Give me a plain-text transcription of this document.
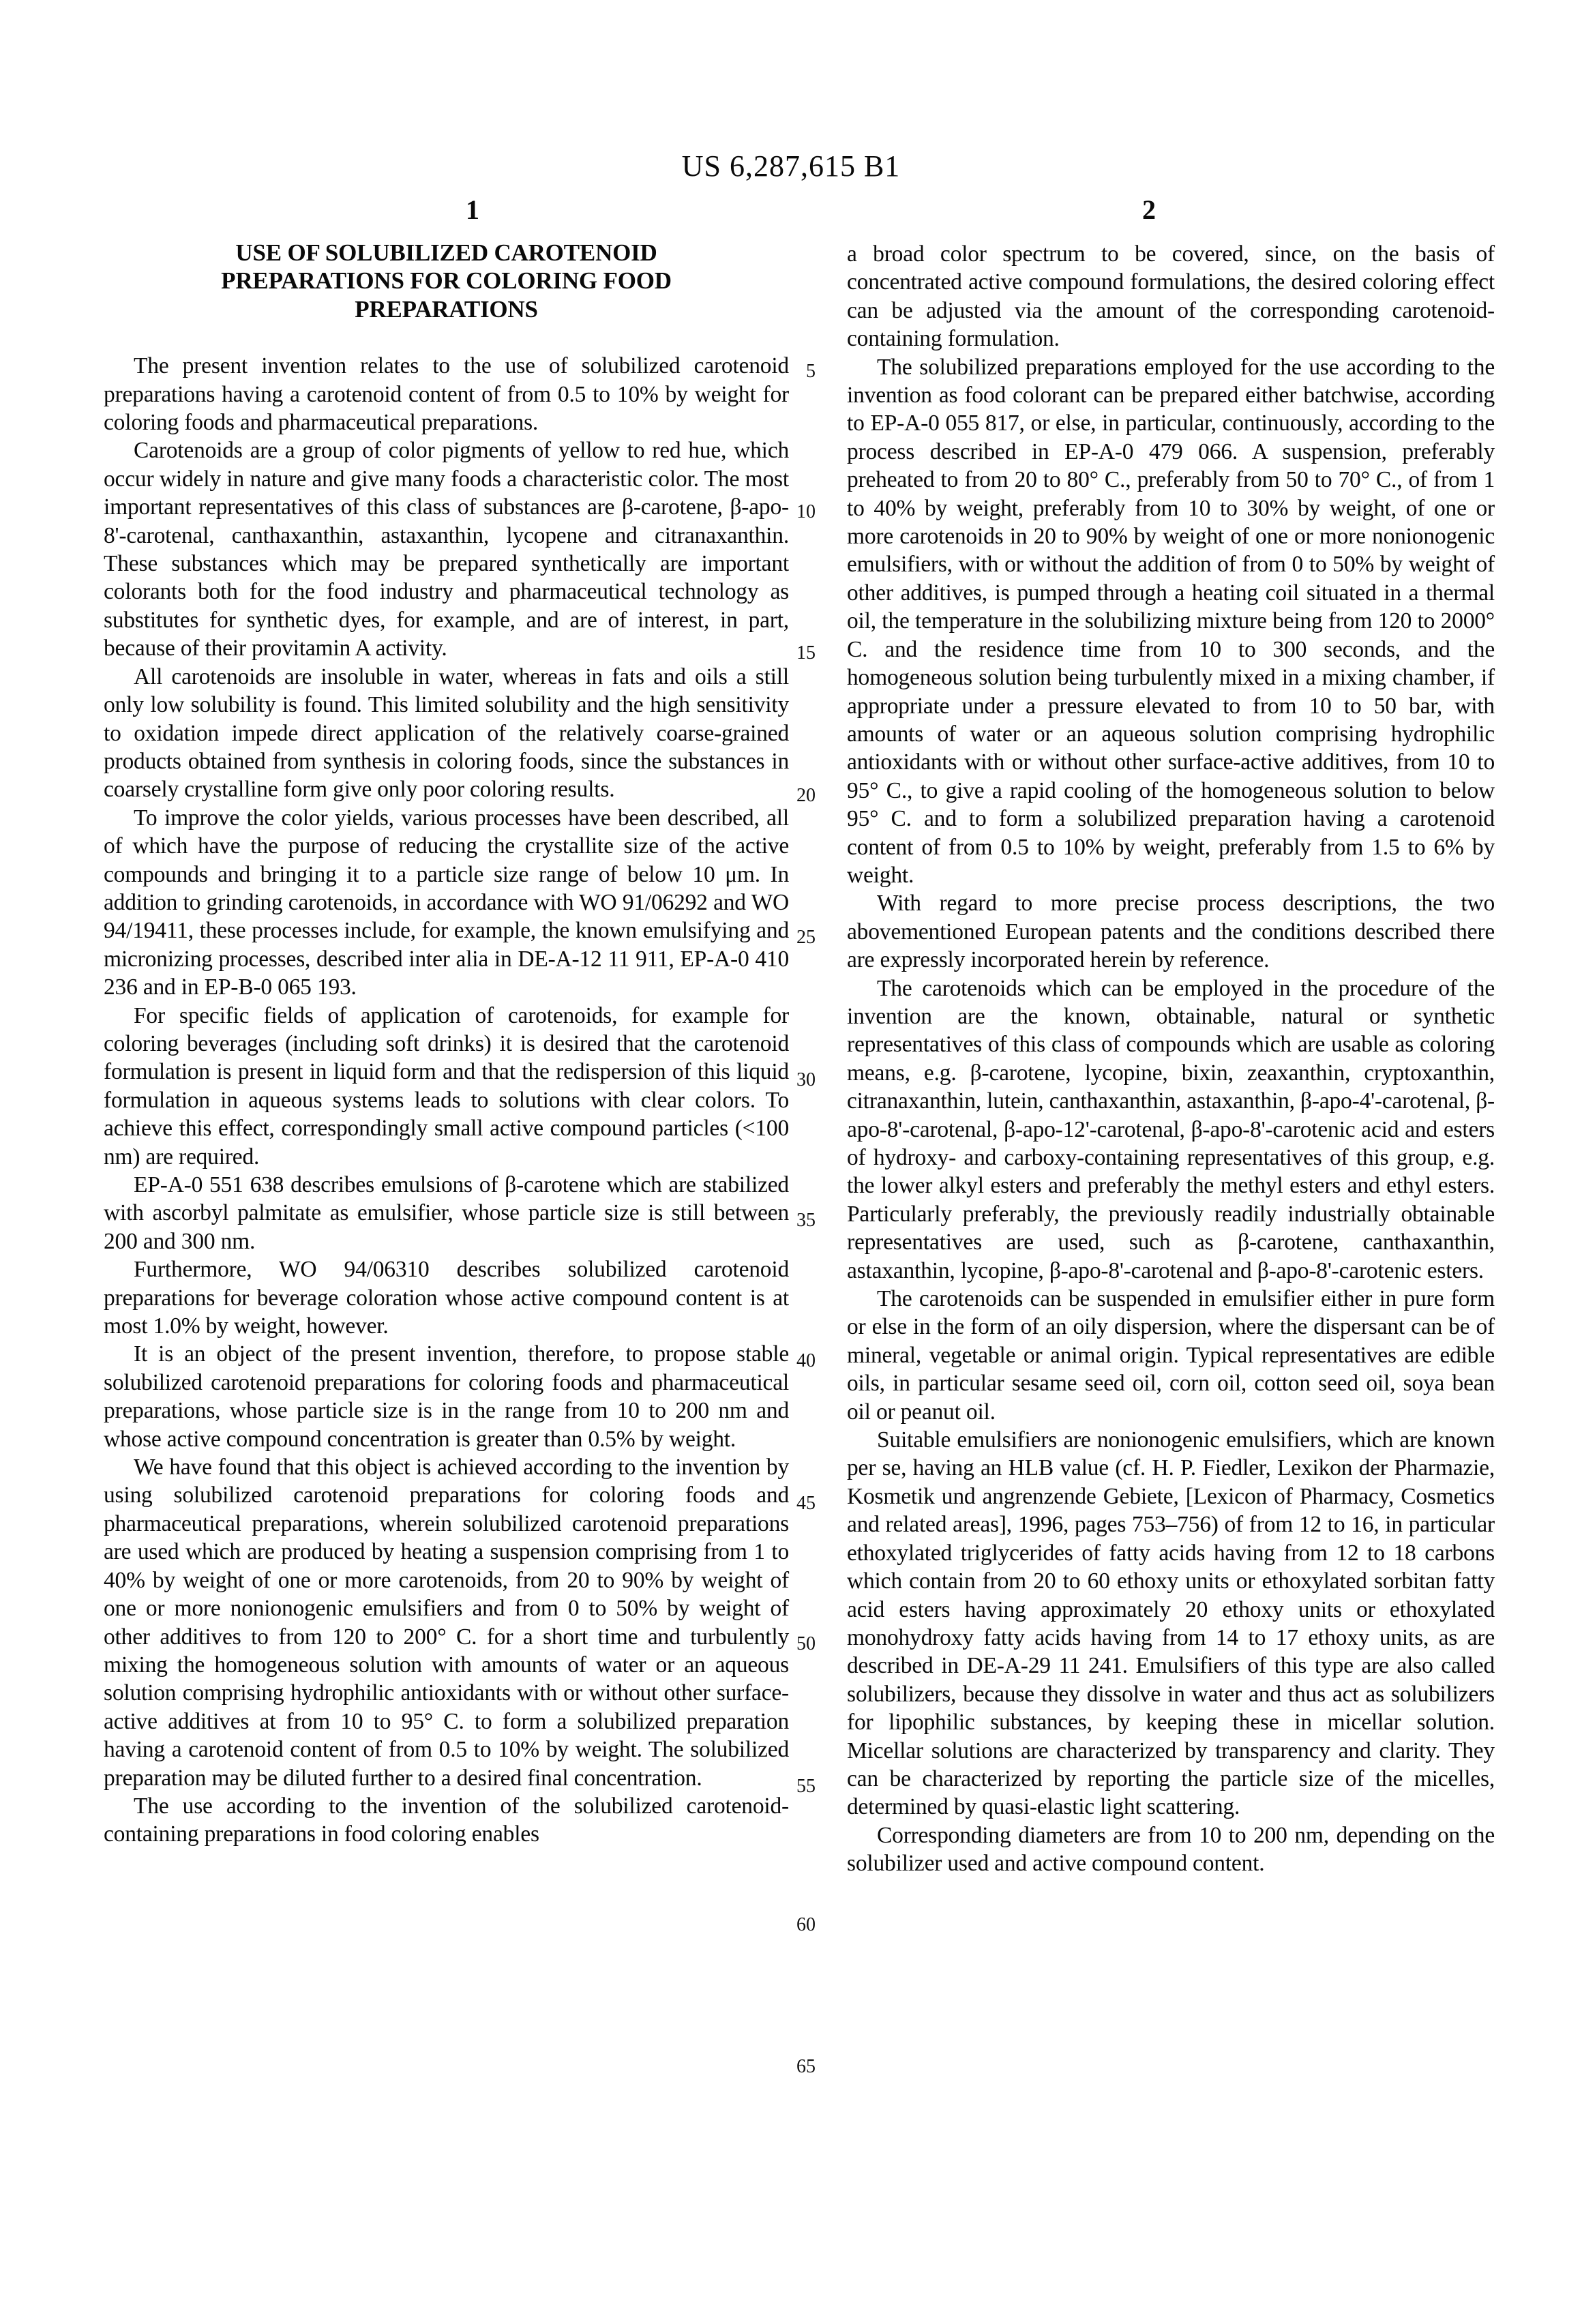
US 6,287,615 B1
1	2
USE OF SOLUBILIZED CAROTENOID PREPARATIONS FOR COLORING FOOD PREPARATIONS

The present invention relates to the use of solubilized carotenoid preparations having a carotenoid content of from 0.5 to 10% by weight for coloring foods and pharmaceutical preparations.

Carotenoids are a group of color pigments of yellow to red hue, which occur widely in nature and give many foods a characteristic color. The most important representatives of this class of substances are β-carotene, β-apo-8'-carotenal, canthaxanthin, astaxanthin, lycopene and citranaxanthin. These substances which may be prepared synthetically are important colorants both for the food industry and pharmaceutical technology as substitutes for synthetic dyes, for example, and are of interest, in part, because of their provitamin A activity.

All carotenoids are insoluble in water, whereas in fats and oils a still only low solubility is found. This limited solubility and the high sensitivity to oxidation impede direct application of the relatively coarse-grained products obtained from synthesis in coloring foods, since the substances in coarsely crystalline form give only poor coloring results.

To improve the color yields, various processes have been described, all of which have the purpose of reducing the crystallite size of the active compounds and bringing it to a particle size range of below 10 μm. In addition to grinding carotenoids, in accordance with WO 91/06292 and WO 94/19411, these processes include, for example, the known emulsifying and micronizing processes, described inter alia in DE-A-12 11 911, EP-A-0 410 236 and in EP-B-0 065 193.

For specific fields of application of carotenoids, for example for coloring beverages (including soft drinks) it is desired that the carotenoid formulation is present in liquid form and that the redispersion of this liquid formulation in aqueous systems leads to solutions with clear colors. To achieve this effect, correspondingly small active compound particles (<100 nm) are required.

EP-A-0 551 638 describes emulsions of β-carotene which are stabilized with ascorbyl palmitate as emulsifier, whose particle size is still between 200 and 300 nm.

Furthermore, WO 94/06310 describes solubilized carotenoid preparations for beverage coloration whose active compound content is at most 1.0% by weight, however.

It is an object of the present invention, therefore, to propose stable solubilized carotenoid preparations for coloring foods and pharmaceutical preparations, whose particle size is in the range from 10 to 200 nm and whose active compound concentration is greater than 0.5% by weight.

We have found that this object is achieved according to the invention by using solubilized carotenoid preparations for coloring foods and pharmaceutical preparations, wherein solubilized carotenoid preparations are used which are produced by heating a suspension comprising from 1 to 40% by weight of one or more carotenoids, from 20 to 90% by weight of one or more nonionogenic emulsifiers and from 0 to 50% by weight of other additives to from 120 to 200° C. for a short time and turbulently mixing the homogeneous solution with amounts of water or an aqueous solution comprising hydrophilic antioxidants with or without other surface-active additives at from 10 to 95° C. to form a solubilized preparation having a carotenoid content of from 0.5 to 10% by weight. The solubilized preparation may be diluted further to a desired final concentration.

The use according to the invention of the solubilized carotenoid-containing preparations in food coloring enables

a broad color spectrum to be covered, since, on the basis of concentrated active compound formulations, the desired coloring effect can be adjusted via the amount of the corresponding carotenoid-containing formulation.

The solubilized preparations employed for the use according to the invention as food colorant can be prepared either batchwise, according to EP-A-0 055 817, or else, in particular, continuously, according to the process described in EP-A-0 479 066. A suspension, preferably preheated to from 20 to 80° C., preferably from 50 to 70° C., of from 1 to 40% by weight, preferably from 10 to 30% by weight, of one or more carotenoids in 20 to 90% by weight of one or more nonionogenic emulsifiers, with or without the addition of from 0 to 50% by weight of other additives, is pumped through a heating coil situated in a thermal oil, the temperature in the solubilizing mixture being from 120 to 2000° C. and the residence time from 10 to 300 seconds, and the homogeneous solution being turbulently mixed in a mixing chamber, if appropriate under a pressure elevated to from 10 to 50 bar, with amounts of water or an aqueous solution comprising hydrophilic antioxidants with or without other surface-active additives, from 10 to 95° C., to give a rapid cooling of the homogeneous solution to below 95° C. and to form a solubilized preparation having a carotenoid content of from 0.5 to 10% by weight, preferably from 1.5 to 6% by weight.

With regard to more precise process descriptions, the two abovementioned European patents and the conditions described there are expressly incorporated herein by reference.

The carotenoids which can be employed in the procedure of the invention are the known, obtainable, natural or synthetic representatives of this class of compounds which are usable as coloring means, e.g. β-carotene, lycopine, bixin, zeaxanthin, cryptoxanthin, citranaxanthin, lutein, canthaxanthin, astaxanthin, β-apo-4'-carotenal, β-apo-8'-carotenal, β-apo-12'-carotenal, β-apo-8'-carotenic acid and esters of hydroxy- and carboxy-containing representatives of this group, e.g. the lower alkyl esters and preferably the methyl esters and ethyl esters. Particularly preferably, the previously readily industrially obtainable representatives are used, such as β-carotene, canthaxanthin, astaxanthin, lycopine, β-apo-8'-carotenal and β-apo-8'-carotenic esters.

The carotenoids can be suspended in emulsifier either in pure form or else in the form of an oily dispersion, where the dispersant can be of mineral, vegetable or animal origin. Typical representatives are edible oils, in particular sesame seed oil, corn oil, cotton seed oil, soya bean oil or peanut oil.

Suitable emulsifiers are nonionogenic emulsifiers, which are known per se, having an HLB value (cf. H. P. Fiedler, Lexikon der Pharmazie, Kosmetik und angrenzende Gebiete, [Lexicon of Pharmacy, Cosmetics and related areas], 1996, pages 753–756) of from 12 to 16, in particular ethoxylated triglycerides of fatty acids having from 12 to 18 carbons which contain from 20 to 60 ethoxy units or ethoxylated sorbitan fatty acid esters having approximately 20 ethoxy units or ethoxylated monohydroxy fatty acids having from 14 to 17 ethoxy units, as are described in DE-A-29 11 241. Emulsifiers of this type are also called solubilizers, because they dissolve in water and thus act as solubilizers for lipophilic substances, by keeping these in micellar solution. Micellar solutions are characterized by transparency and clarity. They can be characterized by reporting the particle size of the micelles, determined by quasi-elastic light scattering.

Corresponding diameters are from 10 to 200 nm, depending on the solubilizer used and active compound content.

5
10
15
20
25
30
35
40
45
50
55
60
65
